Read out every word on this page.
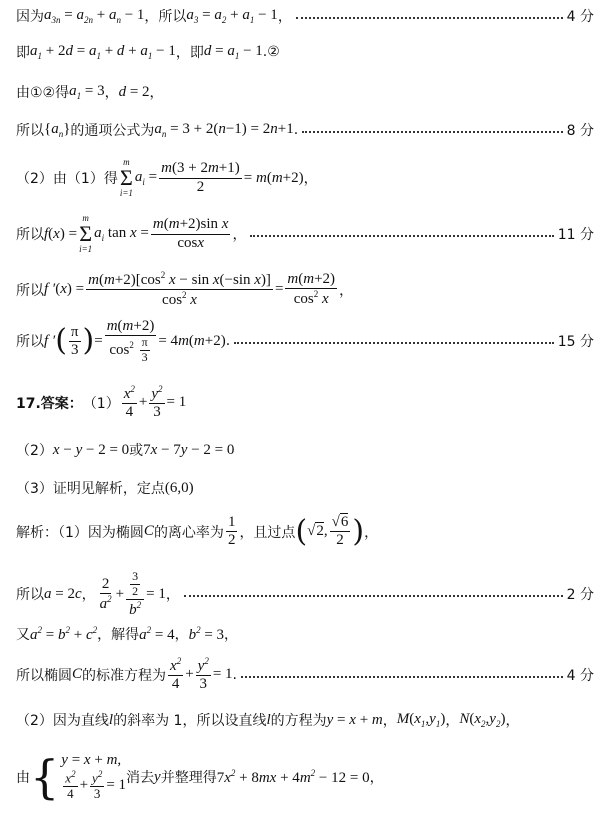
因为 $a_{3n} = a_{2n} + a_n - 1$ ，所以 $a_3 = a_2 + a_1 - 1$ ，	4 分
即 $a_1 + 2d = a_1 + d + a_1 - 1$ ，即 $d = a_1 - 1$ . ②
由①②得 $a_1 = 3$ ， d = 2 ，
所以 $\{a_n\}$ 的通项公式为 $a_n = 3 + 2(n-1) = 2n+1$ .	8 分
（2）由（1）得
m
Σ
i=1
$a_i = \frac{m(3 + 2m+1)}{2} = m(m+2)$ ，
所以 f(x) =
m
Σ
i=1
$a_i$ $\tan x = \frac{\text{m(m+2)sin x}}{\cos x}$ ，	11 分
所以 f $'(x) = \frac{m(m+2)[\cos^2 x - \sin x(-\sin x)]}{\cos^2 x} = \frac{m(m+2)}{\cos^2 x}$ ，
所以 f ′ ( $\frac{\pi}{3}$ ) = $\frac{m(m+2)}{\cos^2 \frac{\pi}{3}} = 4m(m+2)$ .	15 分
17.答案： $(1) \frac{x^2}{4} + \frac{y^2}{3} = 1$
（2） x − y − 2 = 0 或 7x − 7y − 2 = 0
（3）证明见解析，定点 (6,0)
解析：（1）因为椭圆 C 的离心率为 $\frac{1}{2}$ ，且过点 ( √2, $\frac{√6}{2}$ ) ，
所以 a = 2c ， $\frac{2}{a^2} + \frac{\frac{3}{2}}{b^2} = 1$ ，	2 分
又 $a^2 = b^2 + c^2$ ，解得 $a^2 = 4$ ， $b^2 = 3$ ，
所以椭圆 C 的标准方程为 $\frac{x^2}{4} + \frac{y^2}{3} = 1$ .	4 分
（2）因为直线 l 的斜率为 1，所以设直线 l 的方程为 y = x + m ， $M(x_1,y_1)$ ， $N(x_2,y_2)$ ，
由 { y = x + m,
$\frac{x^2}{4} + \frac{y^2}{3} = 1$ 消去 y 并整理得 $7x^2 + 8mx + 4m^2 - 12 = 0$ ，
